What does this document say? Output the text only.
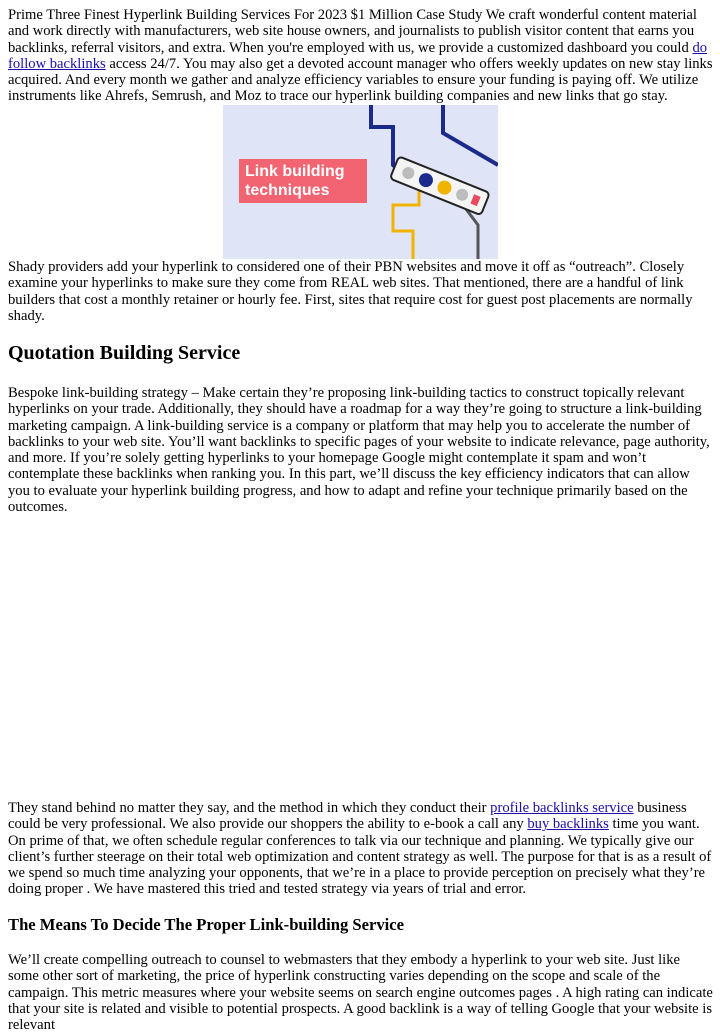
Prime Three Finest Hyperlink Building Services For 2023 $1 Million Case Study We craft wonderful content material and work directly with manufacturers, web site house owners, and journalists to publish visitor content that earns you backlinks, referral visitors, and extra. When you're employed with us, we provide a customized dashboard you could do follow backlinks access 24/7. You may also get a devoted account manager who offers weekly updates on new stay links acquired. And every month we gather and analyze efficiency variables to ensure your funding is paying off. We utilize instruments like Ahrefs, Semrush, and Moz to trace our hyperlink building companies and new links that go stay.

Link building
techniques

Shady providers add your hyperlink to considered one of their PBN websites and move it off as “outreach”. Closely examine your hyperlinks to make sure they come from REAL web sites. That mentioned, there are a handful of link builders that cost a monthly retainer or hourly fee. First, sites that require cost for guest post placements are normally shady.

Quotation Building Service

Bespoke link-building strategy – Make certain they’re proposing link-building tactics to construct topically relevant hyperlinks on your trade. Additionally, they should have a roadmap for a way they’re going to structure a link-building marketing campaign. A link-building service is a company or platform that may help you to accelerate the number of backlinks to your web site. You’ll want backlinks to specific pages of your website to indicate relevance, page authority, and more. If you’re solely getting hyperlinks to your homepage Google might contemplate it spam and won’t contemplate these backlinks when ranking you. In this part, we’ll discuss the key efficiency indicators that can allow you to evaluate your hyperlink building progress, and how to adapt and refine your technique primarily based on the outcomes.

They stand behind no matter they say, and the method in which they conduct their profile backlinks service business could be very professional. We also provide our shoppers the ability to e-book a call any buy backlinks time you want. On prime of that, we often schedule regular conferences to talk via our technique and planning. We typically give our client’s further steerage on their total web optimization and content strategy as well. The purpose for that is as a result of we spend so much time analyzing your opponents, that we’re in a place to provide perception on precisely what they’re doing proper . We have mastered this tried and tested strategy via years of trial and error.

The Means To Decide The Proper Link-building Service

We’ll create compelling outreach to counsel to webmasters that they embody a hyperlink to your web site. Just like some other sort of marketing, the price of hyperlink constructing varies depending on the scope and scale of the campaign. This metric measures where your website seems on search engine outcomes pages . A high rating can indicate that your site is related and visible to potential prospects. A good backlink is a way of telling Google that your website is relevant
